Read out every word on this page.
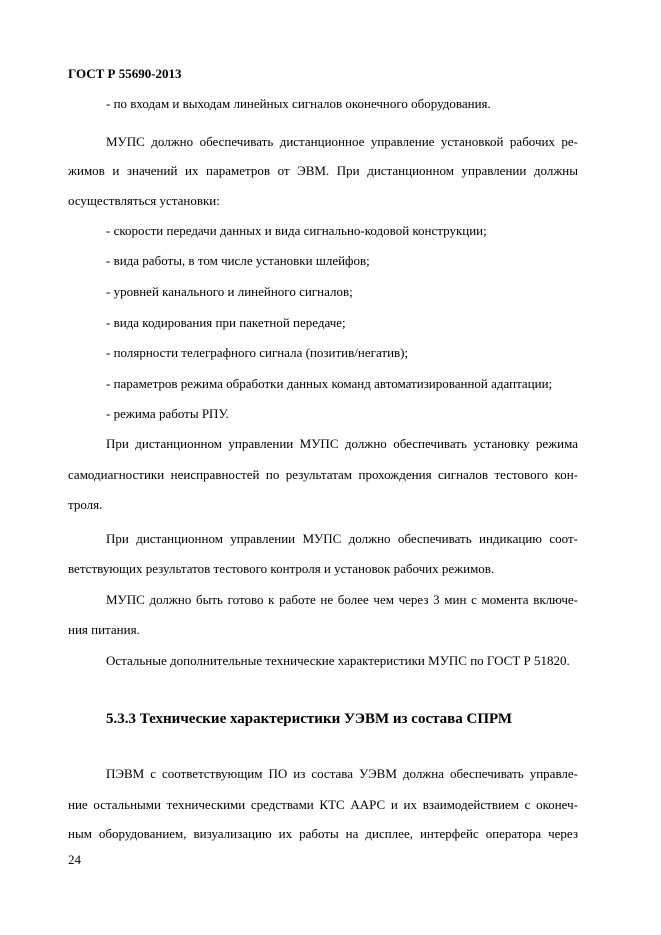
ГОСТ Р 55690-2013
- по входам и выходам линейных сигналов оконечного оборудования.
МУПС должно обеспечивать дистанционное управление установкой рабочих ре-
жимов и значений их параметров от ЭВМ. При дистанционном управлении должны
осуществляться установки:
- скорости передачи данных и вида сигнально-кодовой конструкции;
- вида работы, в том числе установки шлейфов;
- уровней канального и линейного сигналов;
- вида кодирования при пакетной передаче;
- полярности телеграфного сигнала (позитив/негатив);
- параметров режима обработки данных команд автоматизированной адаптации;
- режима работы РПУ.
При дистанционном управлении МУПС должно обеспечивать установку режима
самодиагностики неисправностей по результатам прохождения сигналов тестового кон-
троля.
При дистанционном управлении МУПС должно обеспечивать индикацию соот-
ветствующих результатов тестового контроля и установок рабочих режимов.
МУПС должно быть готово к работе не более чем через 3 мин с момента включе-
ния питания.
Остальные дополнительные технические характеристики МУПС по ГОСТ Р 51820.
5.3.3 Технические характеристики УЭВМ из состава СПРМ
ПЭВМ с соответствующим ПО из состава УЭВМ должна обеспечивать управле-
ние остальными техническими средствами КТС ААРС и их взаимодействием с оконеч-
ным оборудованием, визуализацию их работы на дисплее, интерфейс оператора через
24
